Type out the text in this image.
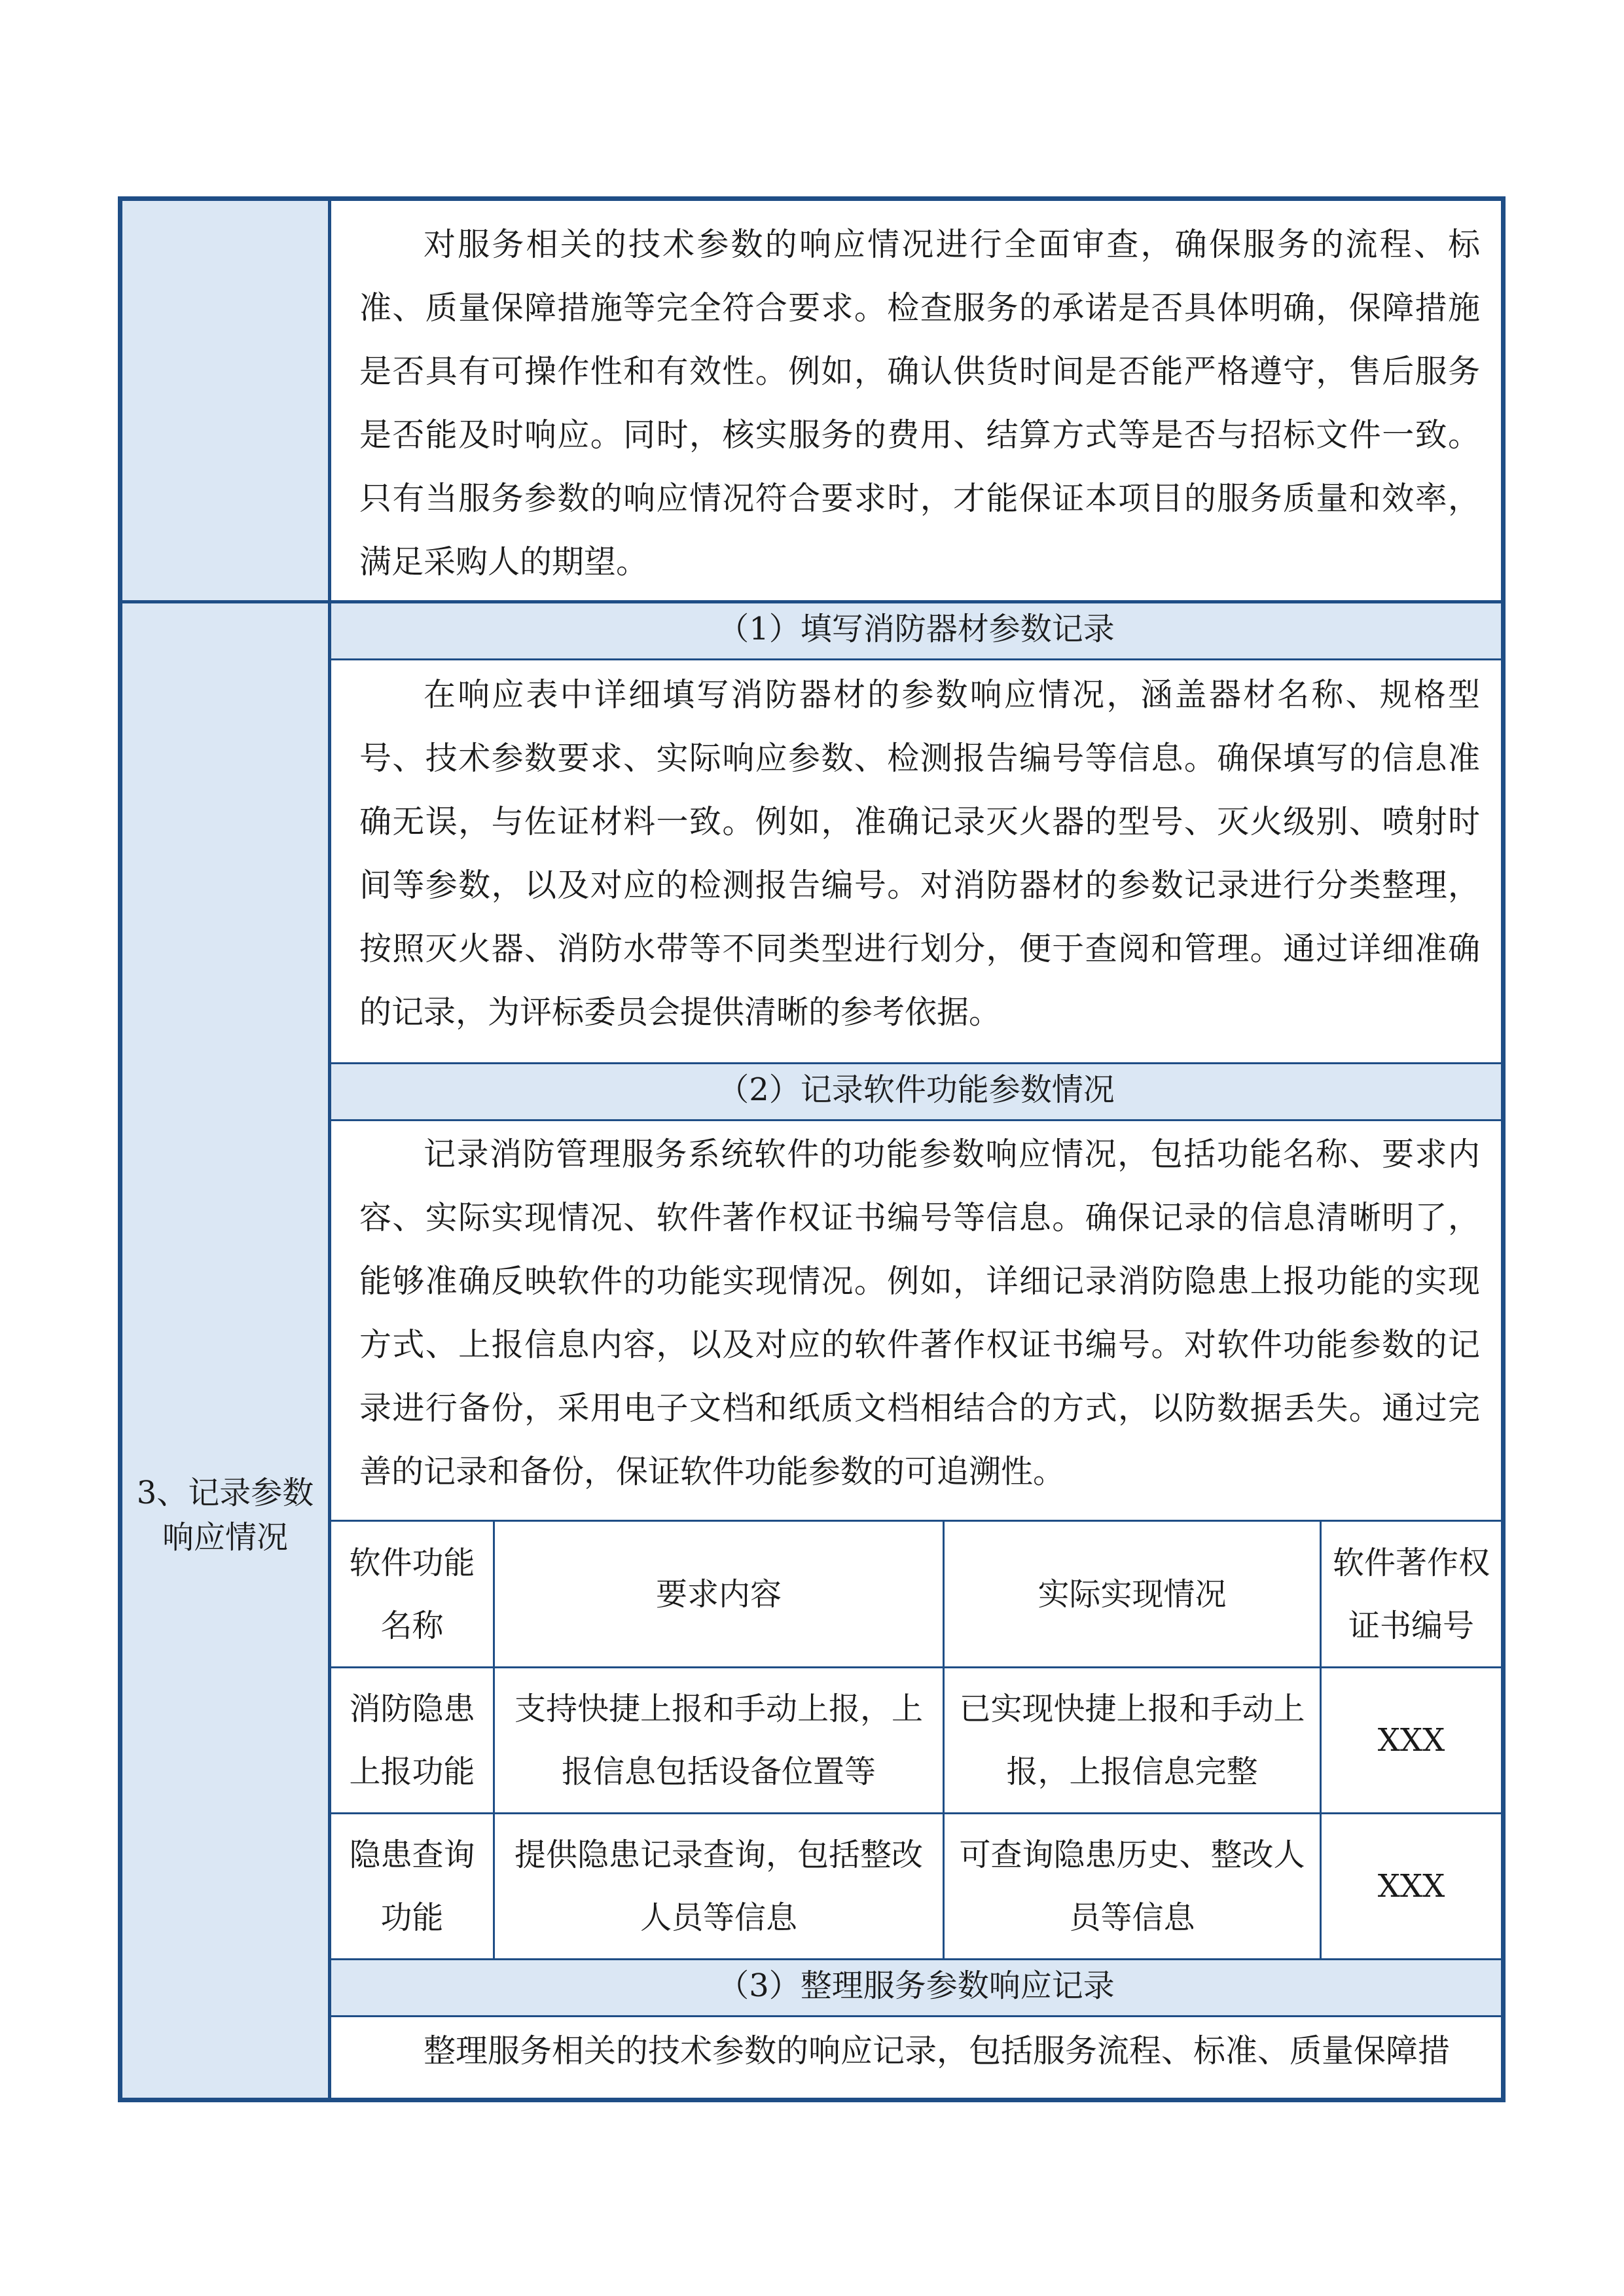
对服务相关的技术参数的响应情况进行全面审查，确保服务的流程、标准、质量保障措施等完全符合要求。检查服务的承诺是否具体明确，保障措施是否具有可操作性和有效性。例如，确认供货时间是否能严格遵守，售后服务是否能及时响应。同时，核实服务的费用、结算方式等是否与招标文件一致。只有当服务参数的响应情况符合要求时，才能保证本项目的服务质量和效率，满足采购人的期望。

3、记录参数响应情况
（1）填写消防器材参数记录

在响应表中详细填写消防器材的参数响应情况，涵盖器材名称、规格型号、技术参数要求、实际响应参数、检测报告编号等信息。确保填写的信息准确无误，与佐证材料一致。例如，准确记录灭火器的型号、灭火级别、喷射时间等参数，以及对应的检测报告编号。对消防器材的参数记录进行分类整理，按照灭火器、消防水带等不同类型进行划分，便于查阅和管理。通过详细准确的记录，为评标委员会提供清晰的参考依据。

（2）记录软件功能参数情况

记录消防管理服务系统软件的功能参数响应情况，包括功能名称、要求内容、实际实现情况、软件著作权证书编号等信息。确保记录的信息清晰明了，能够准确反映软件的功能实现情况。例如，详细记录消防隐患上报功能的实现方式、上报信息内容，以及对应的软件著作权证书编号。对软件功能参数的记录进行备份，采用电子文档和纸质文档相结合的方式，以防数据丢失。通过完善的记录和备份，保证软件功能参数的可追溯性。

软件功能名称
要求内容	实际实现情况
软件著作权证书编号
消防隐患上报功能
支持快捷上报和手动上报，上报信息包括设备位置等
已实现快捷上报和手动上报，上报信息完整
XXX
隐患查询功能
提供隐患记录查询，包括整改人员等信息
可查询隐患历史、整改人员等信息
XXX
（3）整理服务参数响应记录

整理服务相关的技术参数的响应记录，包括服务流程、标准、质量保障措
